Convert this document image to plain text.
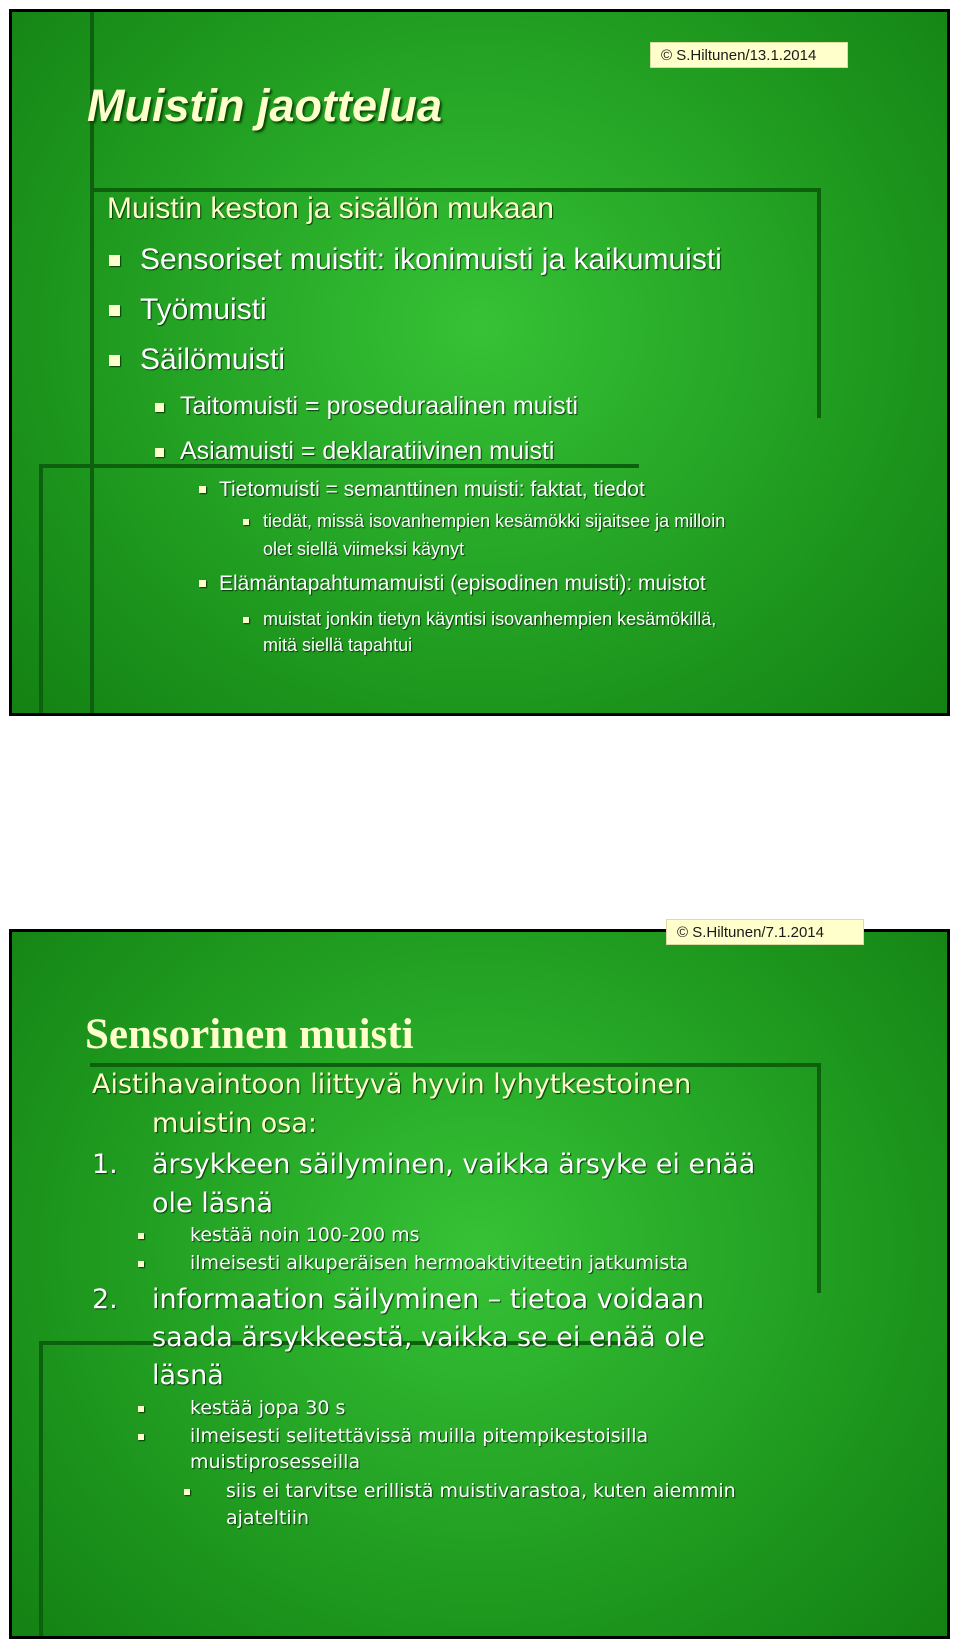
© S.Hiltunen/13.1.2014
Muistin jaottelua
Muistin keston ja sisällön mukaan
Sensoriset muistit: ikonimuisti ja kaikumuisti
Työmuisti
Säilömuisti
Taitomuisti = proseduraalinen muisti
Asiamuisti = deklaratiivinen muisti
Tietomuisti = semanttinen muisti: faktat, tiedot
tiedät, missä isovanhempien kesämökki sijaitsee ja milloin
olet siellä viimeksi käynyt
Elämäntapahtumamuisti (episodinen muisti): muistot
muistat jonkin tietyn käyntisi isovanhempien kesämökillä,
mitä siellä tapahtui
© S.Hiltunen/7.1.2014
Sensorinen muisti
Aistihavaintoon liittyvä hyvin lyhytkestoinen
muistin osa:
1. ärsykkeen säilyminen, vaikka ärsyke ei enää
ole läsnä
kestää noin 100-200 ms
ilmeisesti alkuperäisen hermoaktiviteetin jatkumista
2. informaation säilyminen – tietoa voidaan
saada ärsykkeestä, vaikka se ei enää ole
läsnä
kestää jopa 30 s
ilmeisesti selitettävissä muilla pitempikestoisilla
muistiprosesseilla
siis ei tarvitse erillistä muistivarastoa, kuten aiemmin
ajateltiin
